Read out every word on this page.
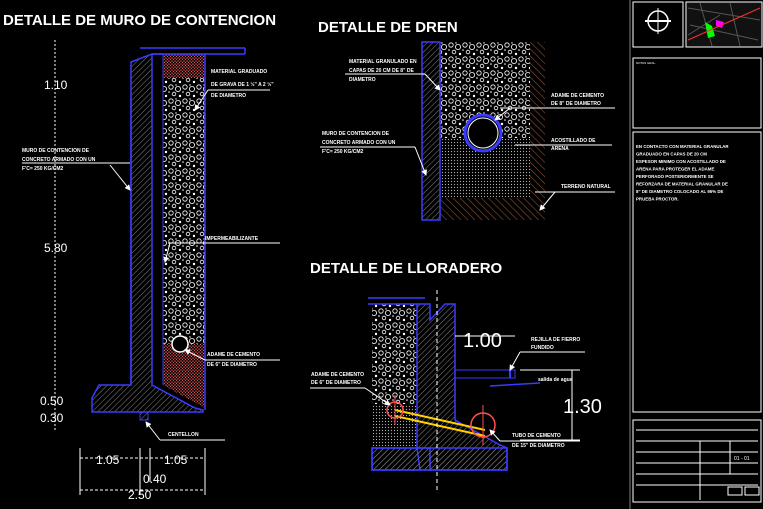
DETALLE DE MURO DE CONTENCION
1.10
5.80
0.50
0.30
1.05	1.05
0.40
2.50
MATERIAL GRADUADO
DE GRAVA DE 1 ½" A 2 ½"
DE DIAMETRO
MURO DE CONTENCION DE
CONCRETO ARMADO CON UN
F'C= 250 KG/CM2
IMPERMEABILIZANTE
ADAME DE CEMENTO
DE 6" DE DIAMETRO
CENTELLON
DETALLE DE DREN
MATERIAL GRANULADO EN
CAPAS DE 20 CM DE 8" DE
DIAMETRO
ADAME DE CEMENTO
DE 8" DE DIAMETRO
ACOSTILLADO DE
ARENA
MURO DE CONTENCION DE
CONCRETO ARMADO CON UN
F'C= 250 KG/CM2
TERRENO NATURAL
DETALLE DE LLORADERO
1.00
1.30
REJILLA DE FIERRO
FUNDIDO
salida de agua
ADAME DE CEMENTO
DE 6" DE DIAMETRO
TUBO DE CEMENTO
DE 15" DE DIAMETRO
NOTAS GRAL.
EN CONTACTO CON MATERIAL GRANULAR
GRADUADO EN CAPAS DE 20 CM
ESPESOR MINIMO CON ACOSTILLADO DE
ARENA PARA PROTEGER EL ADAME
PERFORADO POSTERIORMENTE SE
REFORZARA DE MATERIAL GRANULAR DE
8" DE DIAMETRO COLOCADO AL 95% DE
PRUEBA PROCTOR.
01 - 01
